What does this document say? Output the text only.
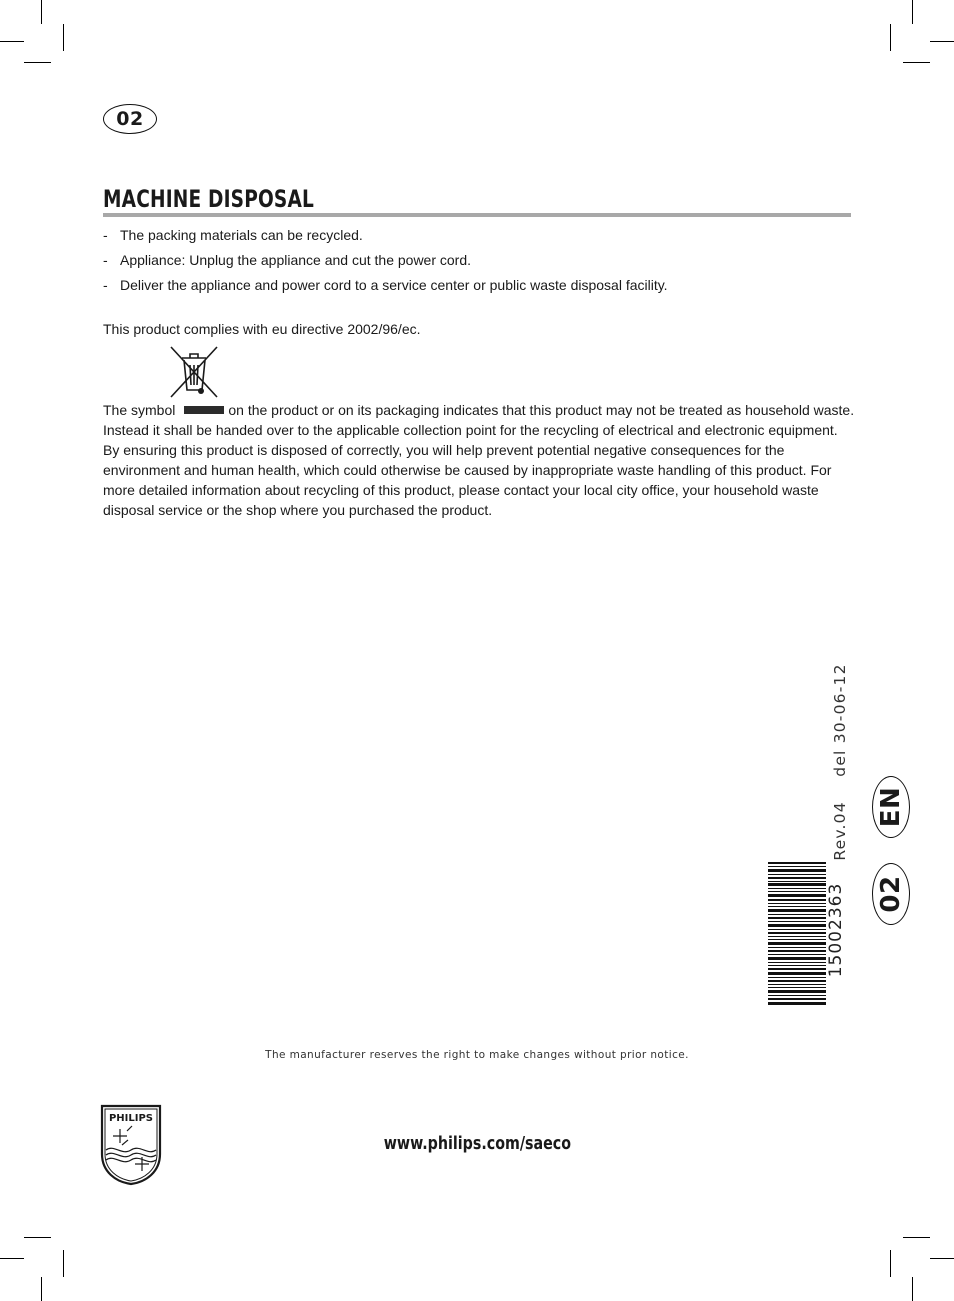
02
MACHINE DISPOSAL
- The packing materials can be recycled.
- Appliance: Unplug the appliance and cut the power cord.
- Deliver the appliance and power cord to a service center or public waste disposal facility.

This product complies with eu directive 2002/96/ec.

The symbol	on the product or on its packaging indicates that this product may not be treated as household waste. Instead it shall be handed over to the applicable collection point for the recycling of electrical and electronic equipment.
By ensuring this product is disposed of correctly, you will help prevent potential negative consequences for the environment and human health, which could otherwise be caused by inappropriate waste handling of this product. For more detailed information about recycling of this product, please contact your local city office, your household waste disposal service or the shop where you purchased the product.

Rev.04    del 30-06-12
15002363 02
EN
The manufacturer reserves the right to make changes without prior notice.
PHILIPS
www.philips.com/saeco
